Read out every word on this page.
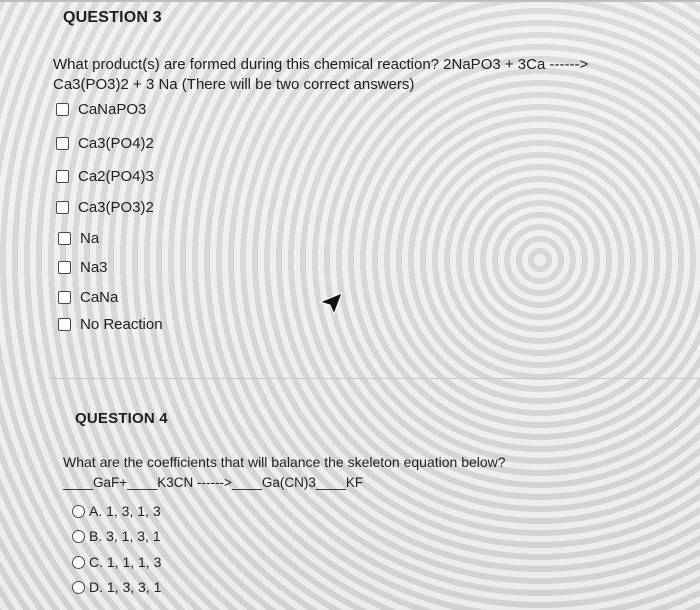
QUESTION 3
What product(s) are formed during this chemical reaction? 2NaPO3 + 3Ca ------>
Ca3(PO3)2 + 3 Na (There will be two correct answers)
CaNaPO3
Ca3(PO4)2
Ca2(PO4)3
Ca3(PO3)2
Na
Na3
CaNa
No Reaction
QUESTION 4
What are the coefficients that will balance the skeleton equation below?
____GaF+____K3CN ------>____Ga(CN)3____KF
A. 1, 3, 1, 3
B. 3, 1, 3, 1
C. 1, 1, 1, 3
D. 1, 3, 3, 1
